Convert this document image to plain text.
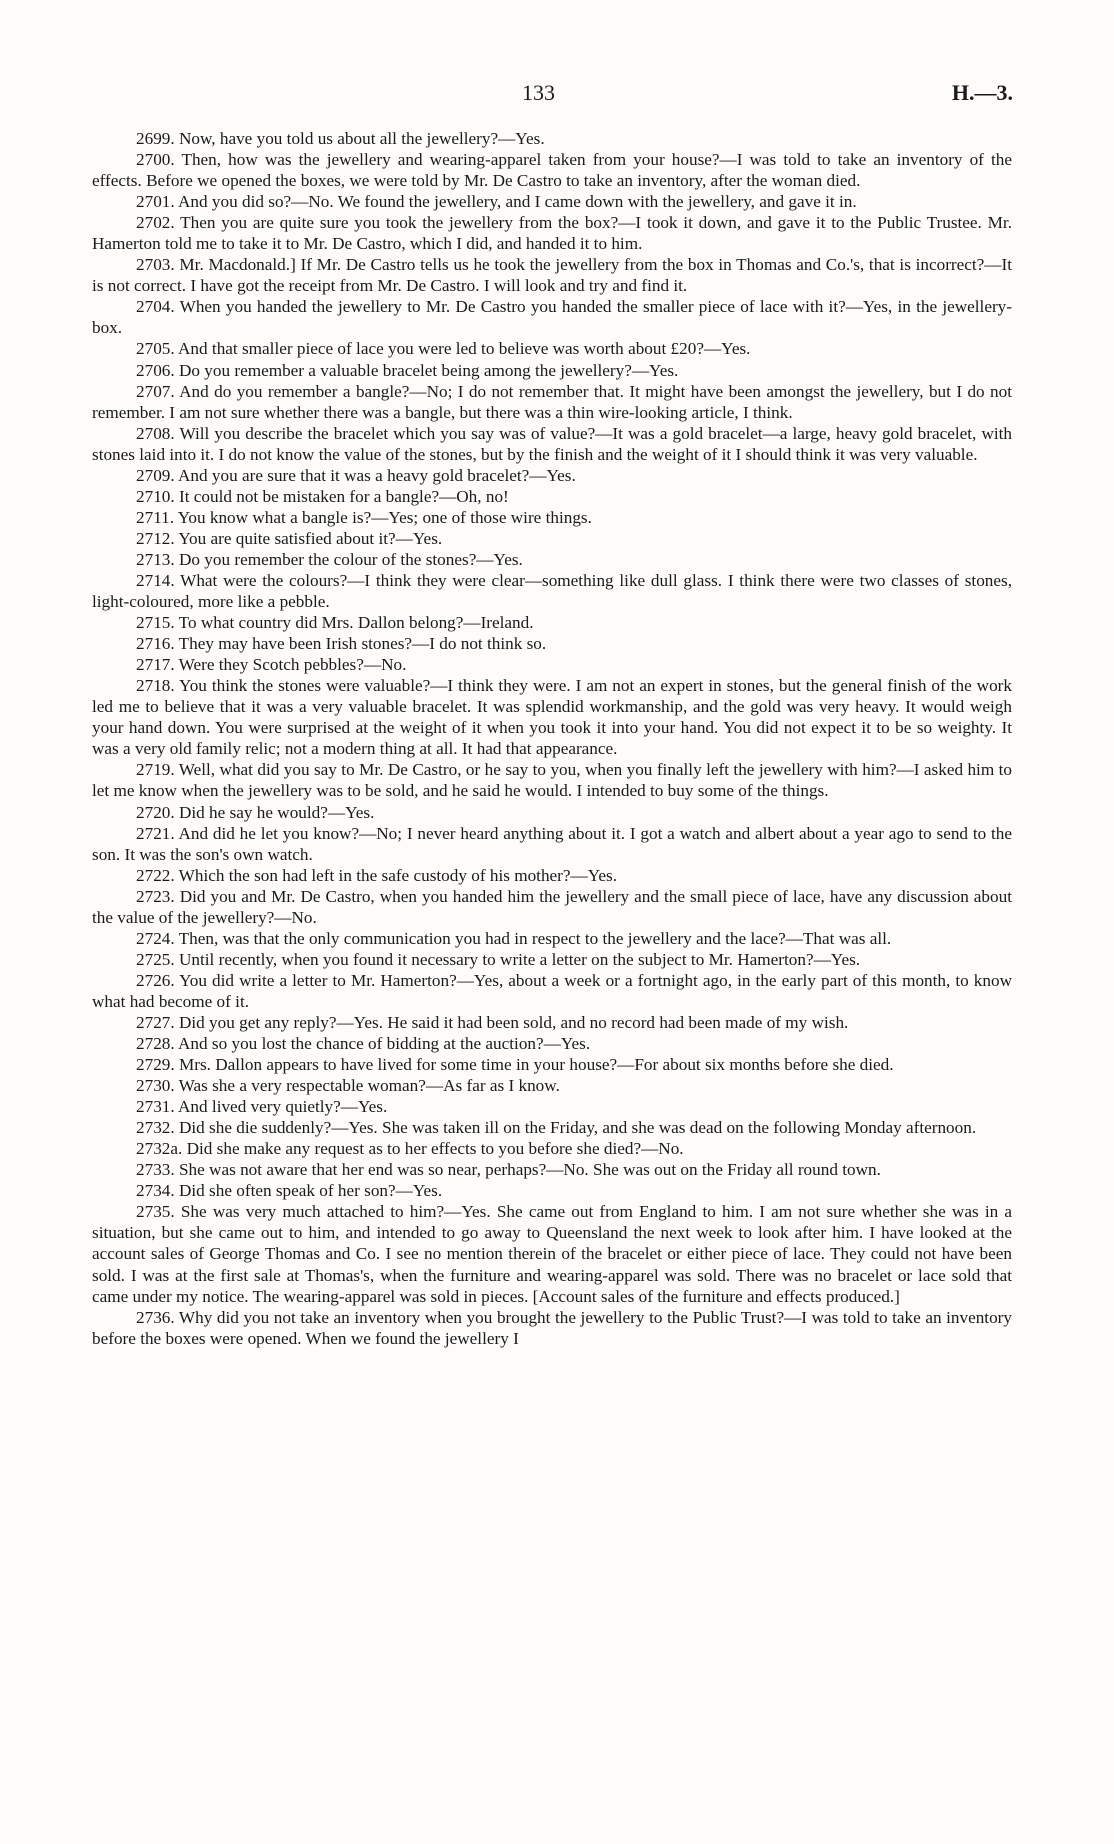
133	H.—3.

2699. Now, have you told us about all the jewellery?—Yes.

2700. Then, how was the jewellery and wearing-apparel taken from your house?—I was told to take an inventory of the effects. Before we opened the boxes, we were told by Mr. De Castro to take an inventory, after the woman died.

2701. And you did so?—No. We found the jewellery, and I came down with the jewellery, and gave it in.

2702. Then you are quite sure you took the jewellery from the box?—I took it down, and gave it to the Public Trustee. Mr. Hamerton told me to take it to Mr. De Castro, which I did, and handed it to him.

2703. Mr. Macdonald.] If Mr. De Castro tells us he took the jewellery from the box in Thomas and Co.'s, that is incorrect?—It is not correct. I have got the receipt from Mr. De Castro. I will look and try and find it.

2704. When you handed the jewellery to Mr. De Castro you handed the smaller piece of lace with it?—Yes, in the jewellery-box.

2705. And that smaller piece of lace you were led to believe was worth about £20?—Yes.

2706. Do you remember a valuable bracelet being among the jewellery?—Yes.

2707. And do you remember a bangle?—No; I do not remember that. It might have been amongst the jewellery, but I do not remember. I am not sure whether there was a bangle, but there was a thin wire-looking article, I think.

2708. Will you describe the bracelet which you say was of value?—It was a gold bracelet—a large, heavy gold bracelet, with stones laid into it. I do not know the value of the stones, but by the finish and the weight of it I should think it was very valuable.

2709. And you are sure that it was a heavy gold bracelet?—Yes.

2710. It could not be mistaken for a bangle?—Oh, no!

2711. You know what a bangle is?—Yes; one of those wire things.

2712. You are quite satisfied about it?—Yes.

2713. Do you remember the colour of the stones?—Yes.

2714. What were the colours?—I think they were clear—something like dull glass. I think there were two classes of stones, light-coloured, more like a pebble.

2715. To what country did Mrs. Dallon belong?—Ireland.

2716. They may have been Irish stones?—I do not think so.

2717. Were they Scotch pebbles?—No.

2718. You think the stones were valuable?—I think they were. I am not an expert in stones, but the general finish of the work led me to believe that it was a very valuable bracelet. It was splendid workmanship, and the gold was very heavy. It would weigh your hand down. You were surprised at the weight of it when you took it into your hand. You did not expect it to be so weighty. It was a very old family relic; not a modern thing at all. It had that appearance.

2719. Well, what did you say to Mr. De Castro, or he say to you, when you finally left the jewellery with him?—I asked him to let me know when the jewellery was to be sold, and he said he would. I intended to buy some of the things.

2720. Did he say he would?—Yes.

2721. And did he let you know?—No; I never heard anything about it. I got a watch and albert about a year ago to send to the son. It was the son's own watch.

2722. Which the son had left in the safe custody of his mother?—Yes.

2723. Did you and Mr. De Castro, when you handed him the jewellery and the small piece of lace, have any discussion about the value of the jewellery?—No.

2724. Then, was that the only communication you had in respect to the jewellery and the lace?—That was all.

2725. Until recently, when you found it necessary to write a letter on the subject to Mr. Hamerton?—Yes.

2726. You did write a letter to Mr. Hamerton?—Yes, about a week or a fortnight ago, in the early part of this month, to know what had become of it.

2727. Did you get any reply?—Yes. He said it had been sold, and no record had been made of my wish.

2728. And so you lost the chance of bidding at the auction?—Yes.

2729. Mrs. Dallon appears to have lived for some time in your house?—For about six months before she died.

2730. Was she a very respectable woman?—As far as I know.

2731. And lived very quietly?—Yes.

2732. Did she die suddenly?—Yes. She was taken ill on the Friday, and she was dead on the following Monday afternoon.

2732a. Did she make any request as to her effects to you before she died?—No.

2733. She was not aware that her end was so near, perhaps?—No. She was out on the Friday all round town.

2734. Did she often speak of her son?—Yes.

2735. She was very much attached to him?—Yes. She came out from England to him. I am not sure whether she was in a situation, but she came out to him, and intended to go away to Queensland the next week to look after him. I have looked at the account sales of George Thomas and Co. I see no mention therein of the bracelet or either piece of lace. They could not have been sold. I was at the first sale at Thomas's, when the furniture and wearing-apparel was sold. There was no bracelet or lace sold that came under my notice. The wearing-apparel was sold in pieces. [Account sales of the furniture and effects produced.]

2736. Why did you not take an inventory when you brought the jewellery to the Public Trust?—I was told to take an inventory before the boxes were opened. When we found the jewellery I
